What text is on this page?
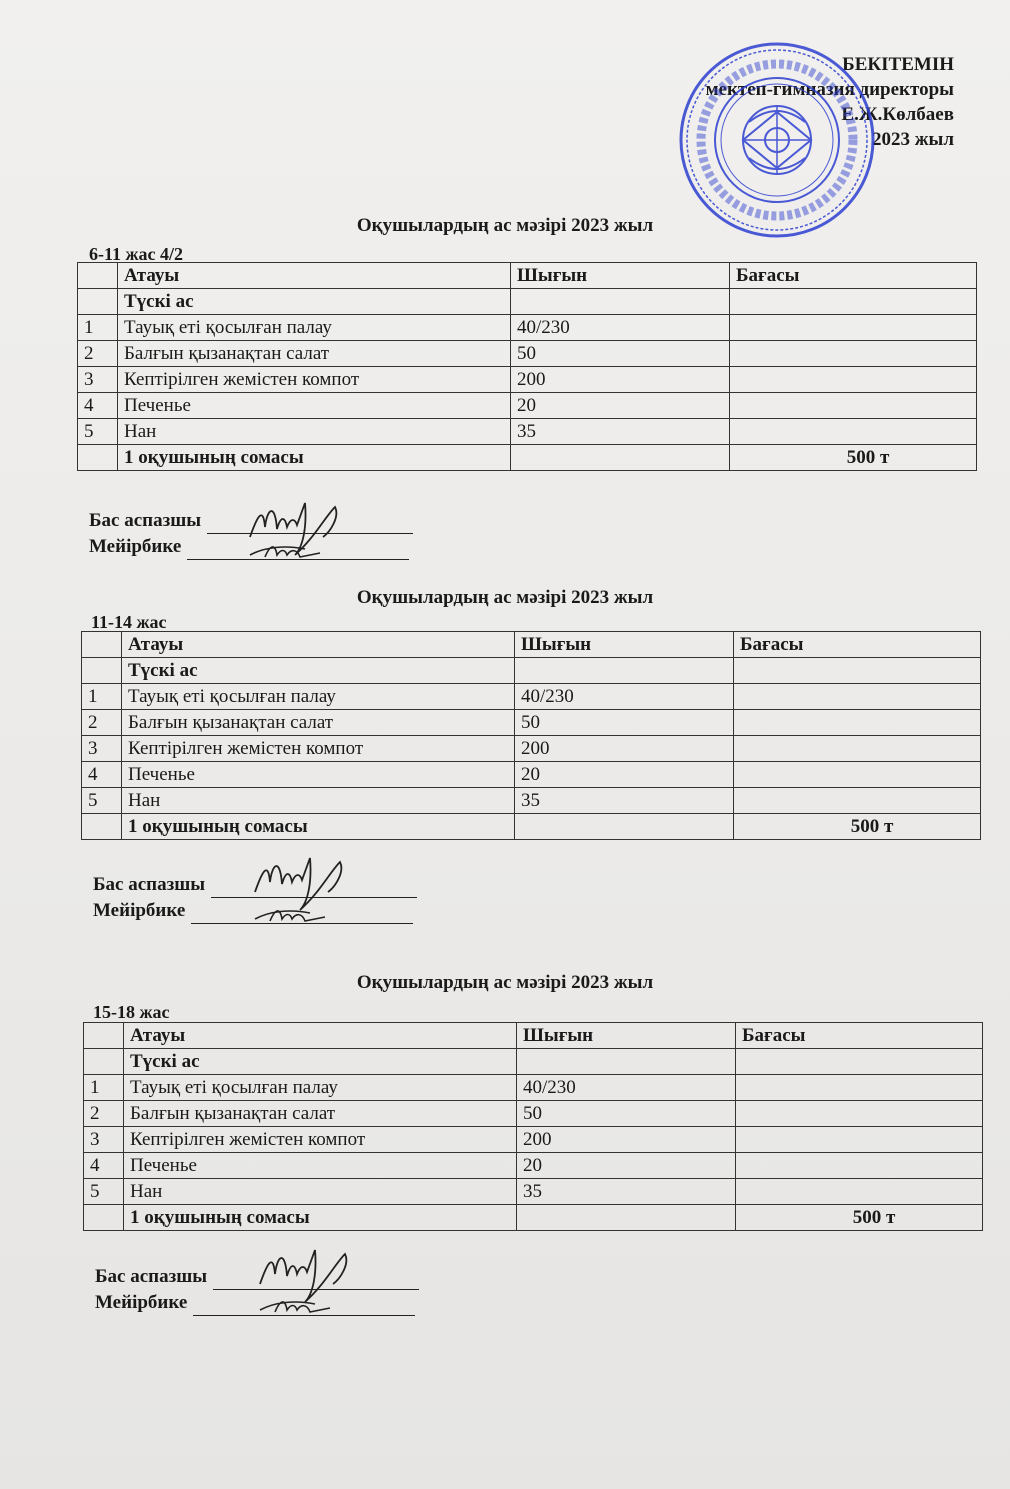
БЕКІТЕМІН
мектеп-гимназия директоры
Е.Ж.Көлбаев
2023 жыл
Оқушылардың ас мәзірі 2023 жыл
6-11 жас 4/2
	Атауы	Шығын	Бағасы
	Түскі ас		
1	Тауық еті қосылған палау	40/230	
2	Балғын қызанақтан салат	50	
3	Кептірілген жемістен компот	200	
4	Печенье	20	
5	Нан	35	
	1 оқушының сомасы		500 т
Бас аспазшы
Мейірбике
Оқушылардың ас мәзірі 2023 жыл
11-14 жас
	Атауы	Шығын	Бағасы
	Түскі ас		
1	Тауық еті қосылған палау	40/230	
2	Балғын қызанақтан салат	50	
3	Кептірілген жемістен компот	200	
4	Печенье	20	
5	Нан	35	
	1 оқушының сомасы		500 т
Бас аспазшы
Мейірбике
Оқушылардың ас мәзірі 2023 жыл
15-18 жас
	Атауы	Шығын	Бағасы
	Түскі ас		
1	Тауық еті қосылған палау	40/230	
2	Балғын қызанақтан салат	50	
3	Кептірілген жемістен компот	200	
4	Печенье	20	
5	Нан	35	
	1 оқушының сомасы		500 т
Бас аспазшы
Мейірбике
